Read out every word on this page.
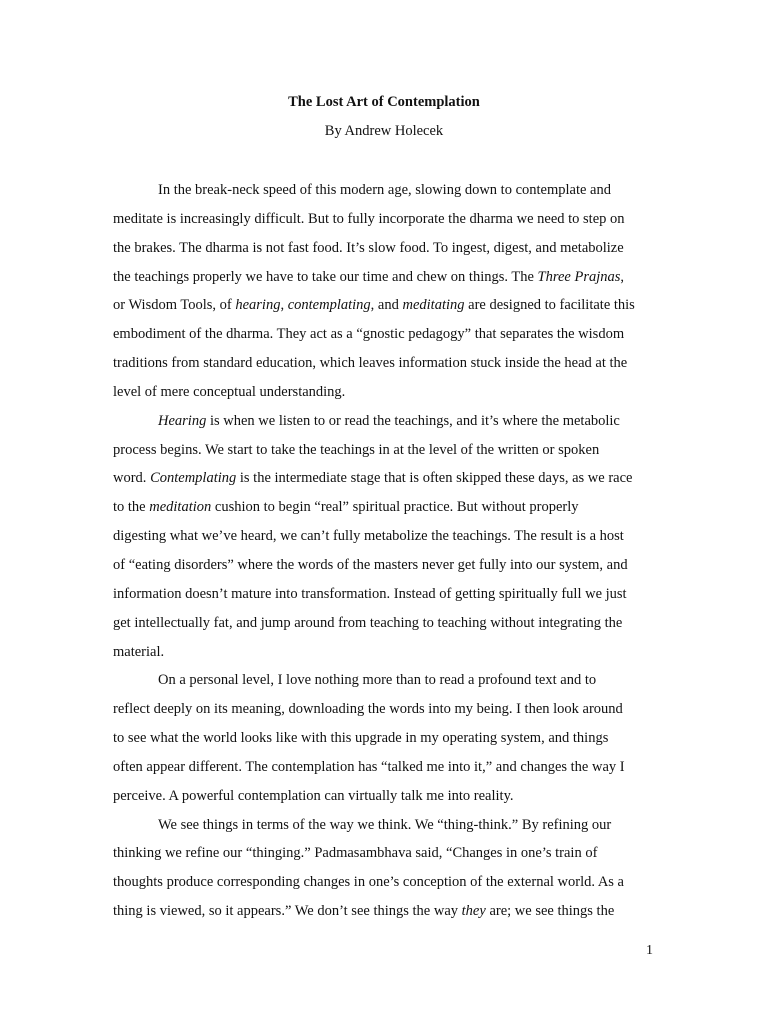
The Lost Art of Contemplation
By Andrew Holecek
In the break-neck speed of this modern age, slowing down to contemplate and
meditate is increasingly difficult. But to fully incorporate the dharma we need to step on
the brakes. The dharma is not fast food. It’s slow food. To ingest, digest, and metabolize
the teachings properly we have to take our time and chew on things. The Three Prajnas,
or Wisdom Tools, of hearing, contemplating, and meditating are designed to facilitate this
embodiment of the dharma. They act as a “gnostic pedagogy” that separates the wisdom
traditions from standard education, which leaves information stuck inside the head at the
level of mere conceptual understanding.
Hearing is when we listen to or read the teachings, and it’s where the metabolic
process begins. We start to take the teachings in at the level of the written or spoken
word. Contemplating is the intermediate stage that is often skipped these days, as we race
to the meditation cushion to begin “real” spiritual practice. But without properly
digesting what we’ve heard, we can’t fully metabolize the teachings. The result is a host
of “eating disorders” where the words of the masters never get fully into our system, and
information doesn’t mature into transformation. Instead of getting spiritually full we just
get intellectually fat, and jump around from teaching to teaching without integrating the
material.
On a personal level, I love nothing more than to read a profound text and to
reflect deeply on its meaning, downloading the words into my being. I then look around
to see what the world looks like with this upgrade in my operating system, and things
often appear different. The contemplation has “talked me into it,” and changes the way I
perceive. A powerful contemplation can virtually talk me into reality.
We see things in terms of the way we think. We “thing-think.” By refining our
thinking we refine our “thinging.” Padmasambhava said, “Changes in one’s train of
thoughts produce corresponding changes in one’s conception of the external world. As a
thing is viewed, so it appears.” We don’t see things the way they are; we see things the
1
